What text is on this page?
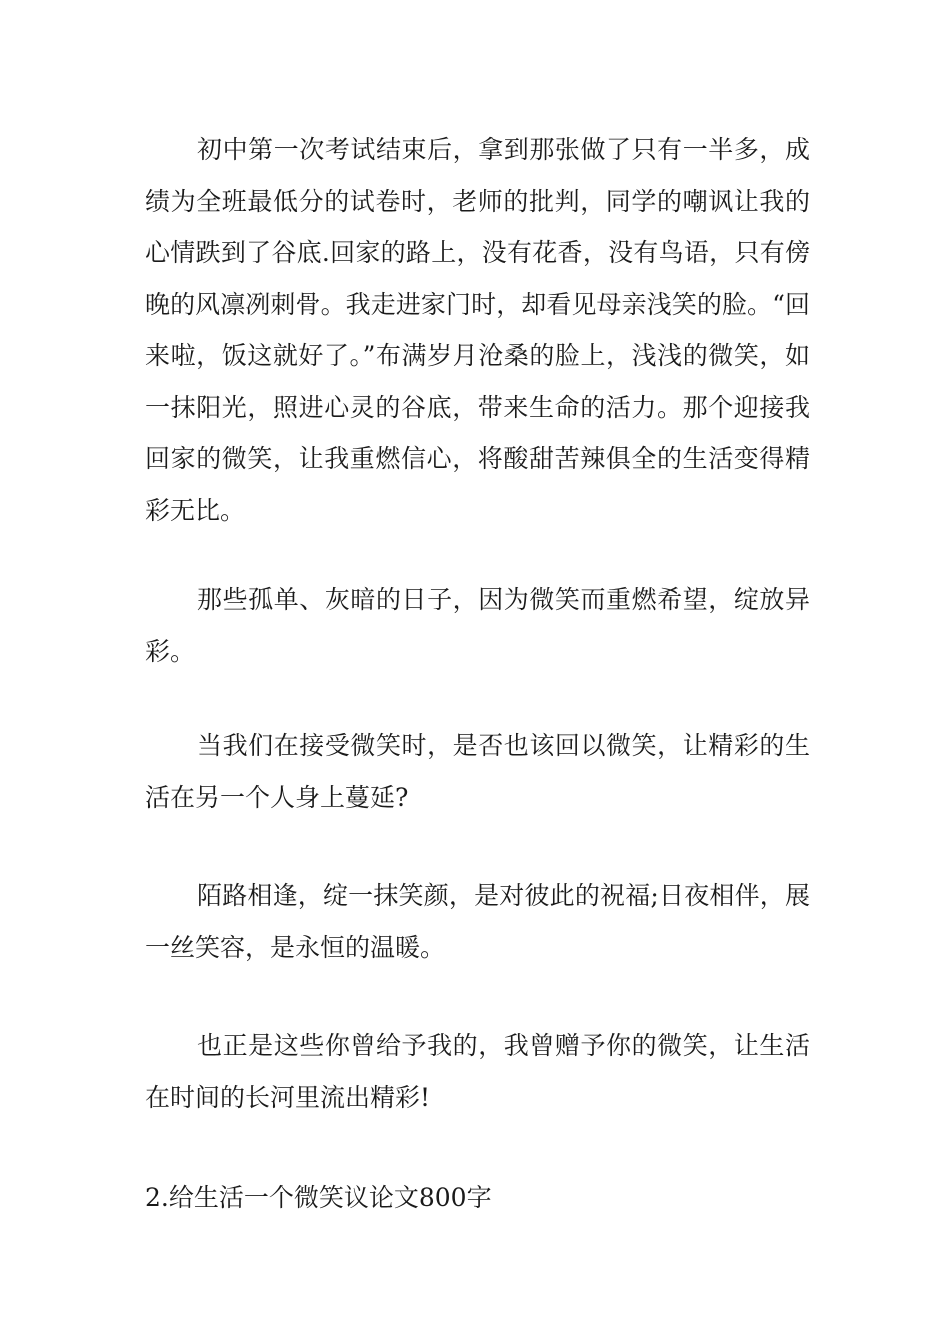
初中第一次考试结束后，拿到那张做了只有一半多，成绩为全班最低分的试卷时，老师的批判，同学的嘲讽让我的心情跌到了谷底.回家的路上，没有花香，没有鸟语，只有傍晚的风凛冽刺骨。我走进家门时，却看见母亲浅笑的脸。“回来啦，饭这就好了。”布满岁月沧桑的脸上，浅浅的微笑，如一抹阳光，照进心灵的谷底，带来生命的活力。那个迎接我回家的微笑，让我重燃信心，将酸甜苦辣俱全的生活变得精彩无比。

那些孤单、灰暗的日子，因为微笑而重燃希望，绽放异彩。

当我们在接受微笑时，是否也该回以微笑，让精彩的生活在另一个人身上蔓延?

陌路相逢，绽一抹笑颜，是对彼此的祝福;日夜相伴，展一丝笑容，是永恒的温暖。

也正是这些你曾给予我的，我曾赠予你的微笑，让生活在时间的长河里流出精彩!

2.给生活一个微笑议论文800字
